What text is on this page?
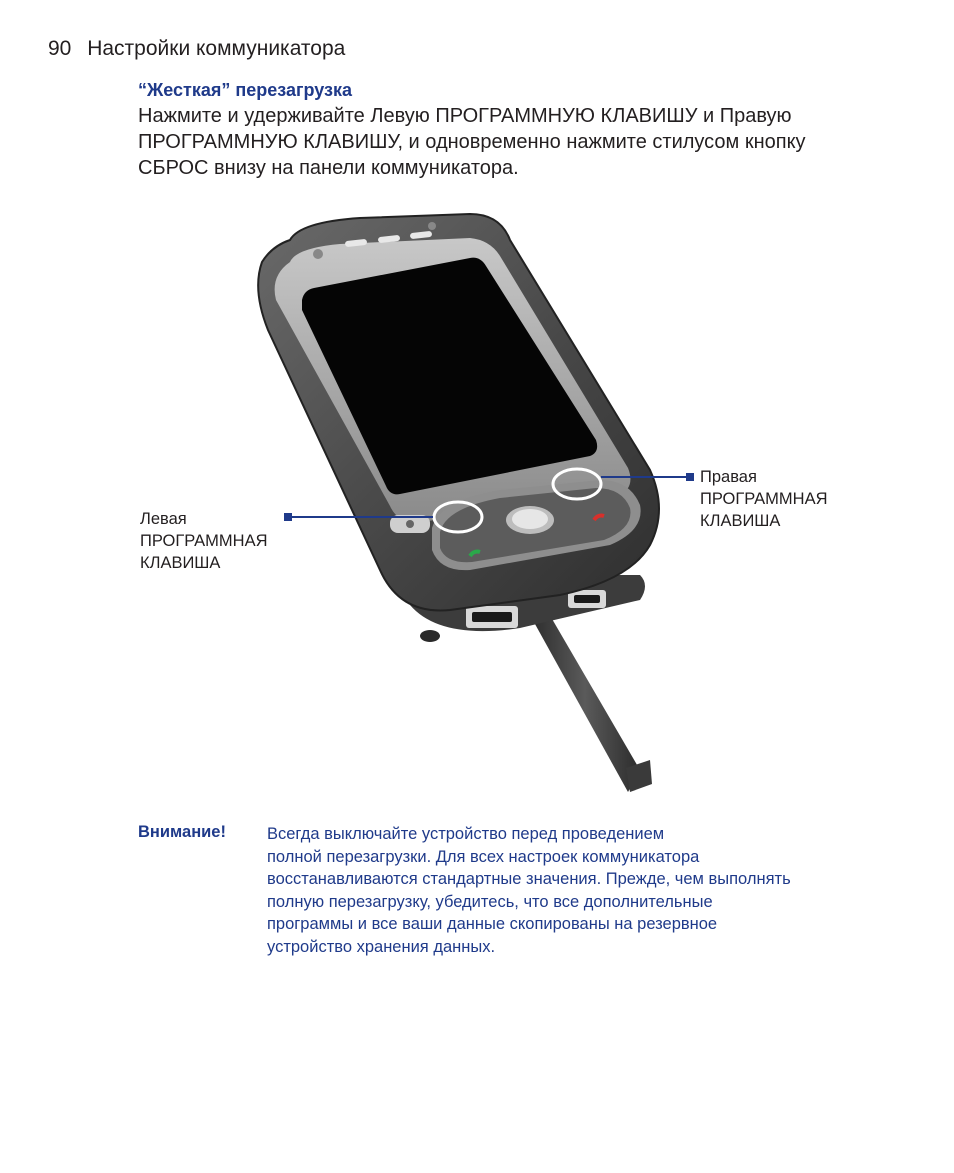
90 Настройки коммуникатора
“Жесткая” перезагрузка
Нажмите и удерживайте Левую ПРОГРАММНУЮ КЛАВИШУ и Правую
ПРОГРАММНУЮ КЛАВИШУ, и одновременно нажмите стилусом кнопку
СБРОС внизу на панели коммуникатора.
Левая
ПРОГРАММНАЯ
КЛАВИША
Правая
ПРОГРАММНАЯ
КЛАВИША
Внимание! Всегда выключайте устройство перед проведением
полной перезагрузки. Для всех настроек коммуникатора
восстанавливаются стандартные значения. Прежде, чем выполнять
полную перезагрузку, убедитесь, что все дополнительные
программы и все ваши данные скопированы на резервное
устройство хранения данных.
